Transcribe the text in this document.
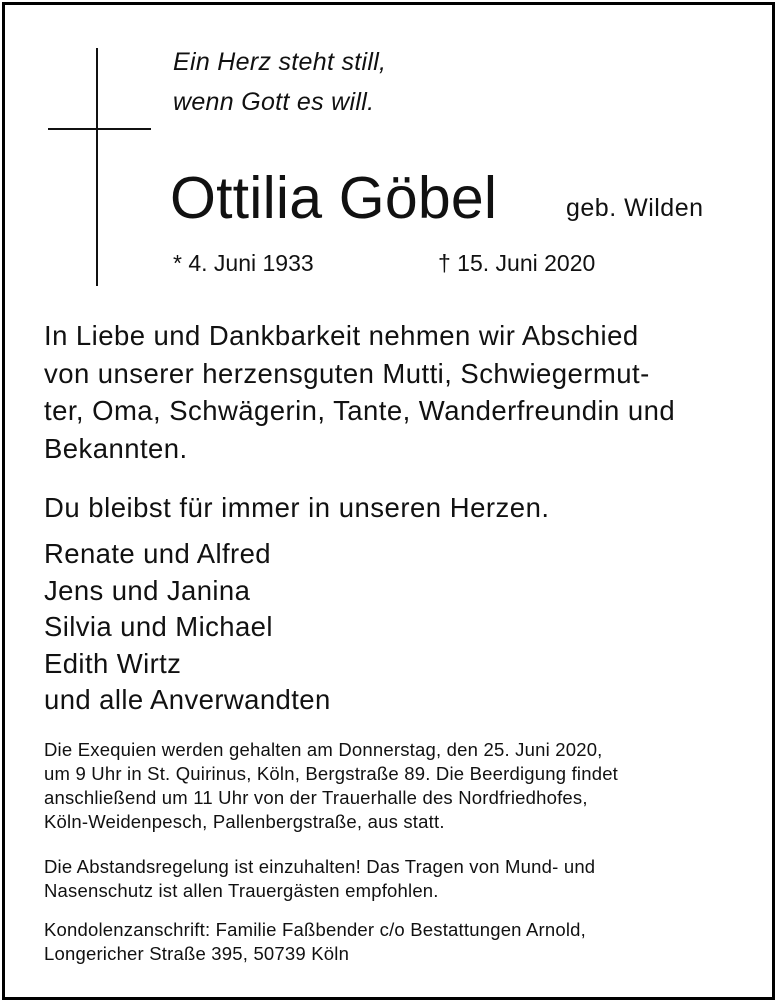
Ein Herz steht still,
wenn Gott es will.
Ottilia Göbel	geb. Wilden
* 4. Juni 1933	† 15. Juni 2020
In Liebe und Dankbarkeit nehmen wir Abschied
von unserer herzensguten Mutti, Schwiegermut-
ter, Oma, Schwägerin, Tante, Wanderfreundin und
Bekannten.
Du bleibst für immer in unseren Herzen.
Renate und Alfred
Jens und Janina
Silvia und Michael
Edith Wirtz
und alle Anverwandten
Die Exequien werden gehalten am Donnerstag, den 25. Juni 2020,
um 9 Uhr in St. Quirinus, Köln, Bergstraße 89. Die Beerdigung findet
anschließend um 11 Uhr von der Trauerhalle des Nordfriedhofes,
Köln-Weidenpesch, Pallenbergstraße, aus statt.
Die Abstandsregelung ist einzuhalten! Das Tragen von Mund- und
Nasenschutz ist allen Trauergästen empfohlen.
Kondolenzanschrift: Familie Faßbender c/o Bestattungen Arnold,
Longericher Straße 395, 50739 Köln
